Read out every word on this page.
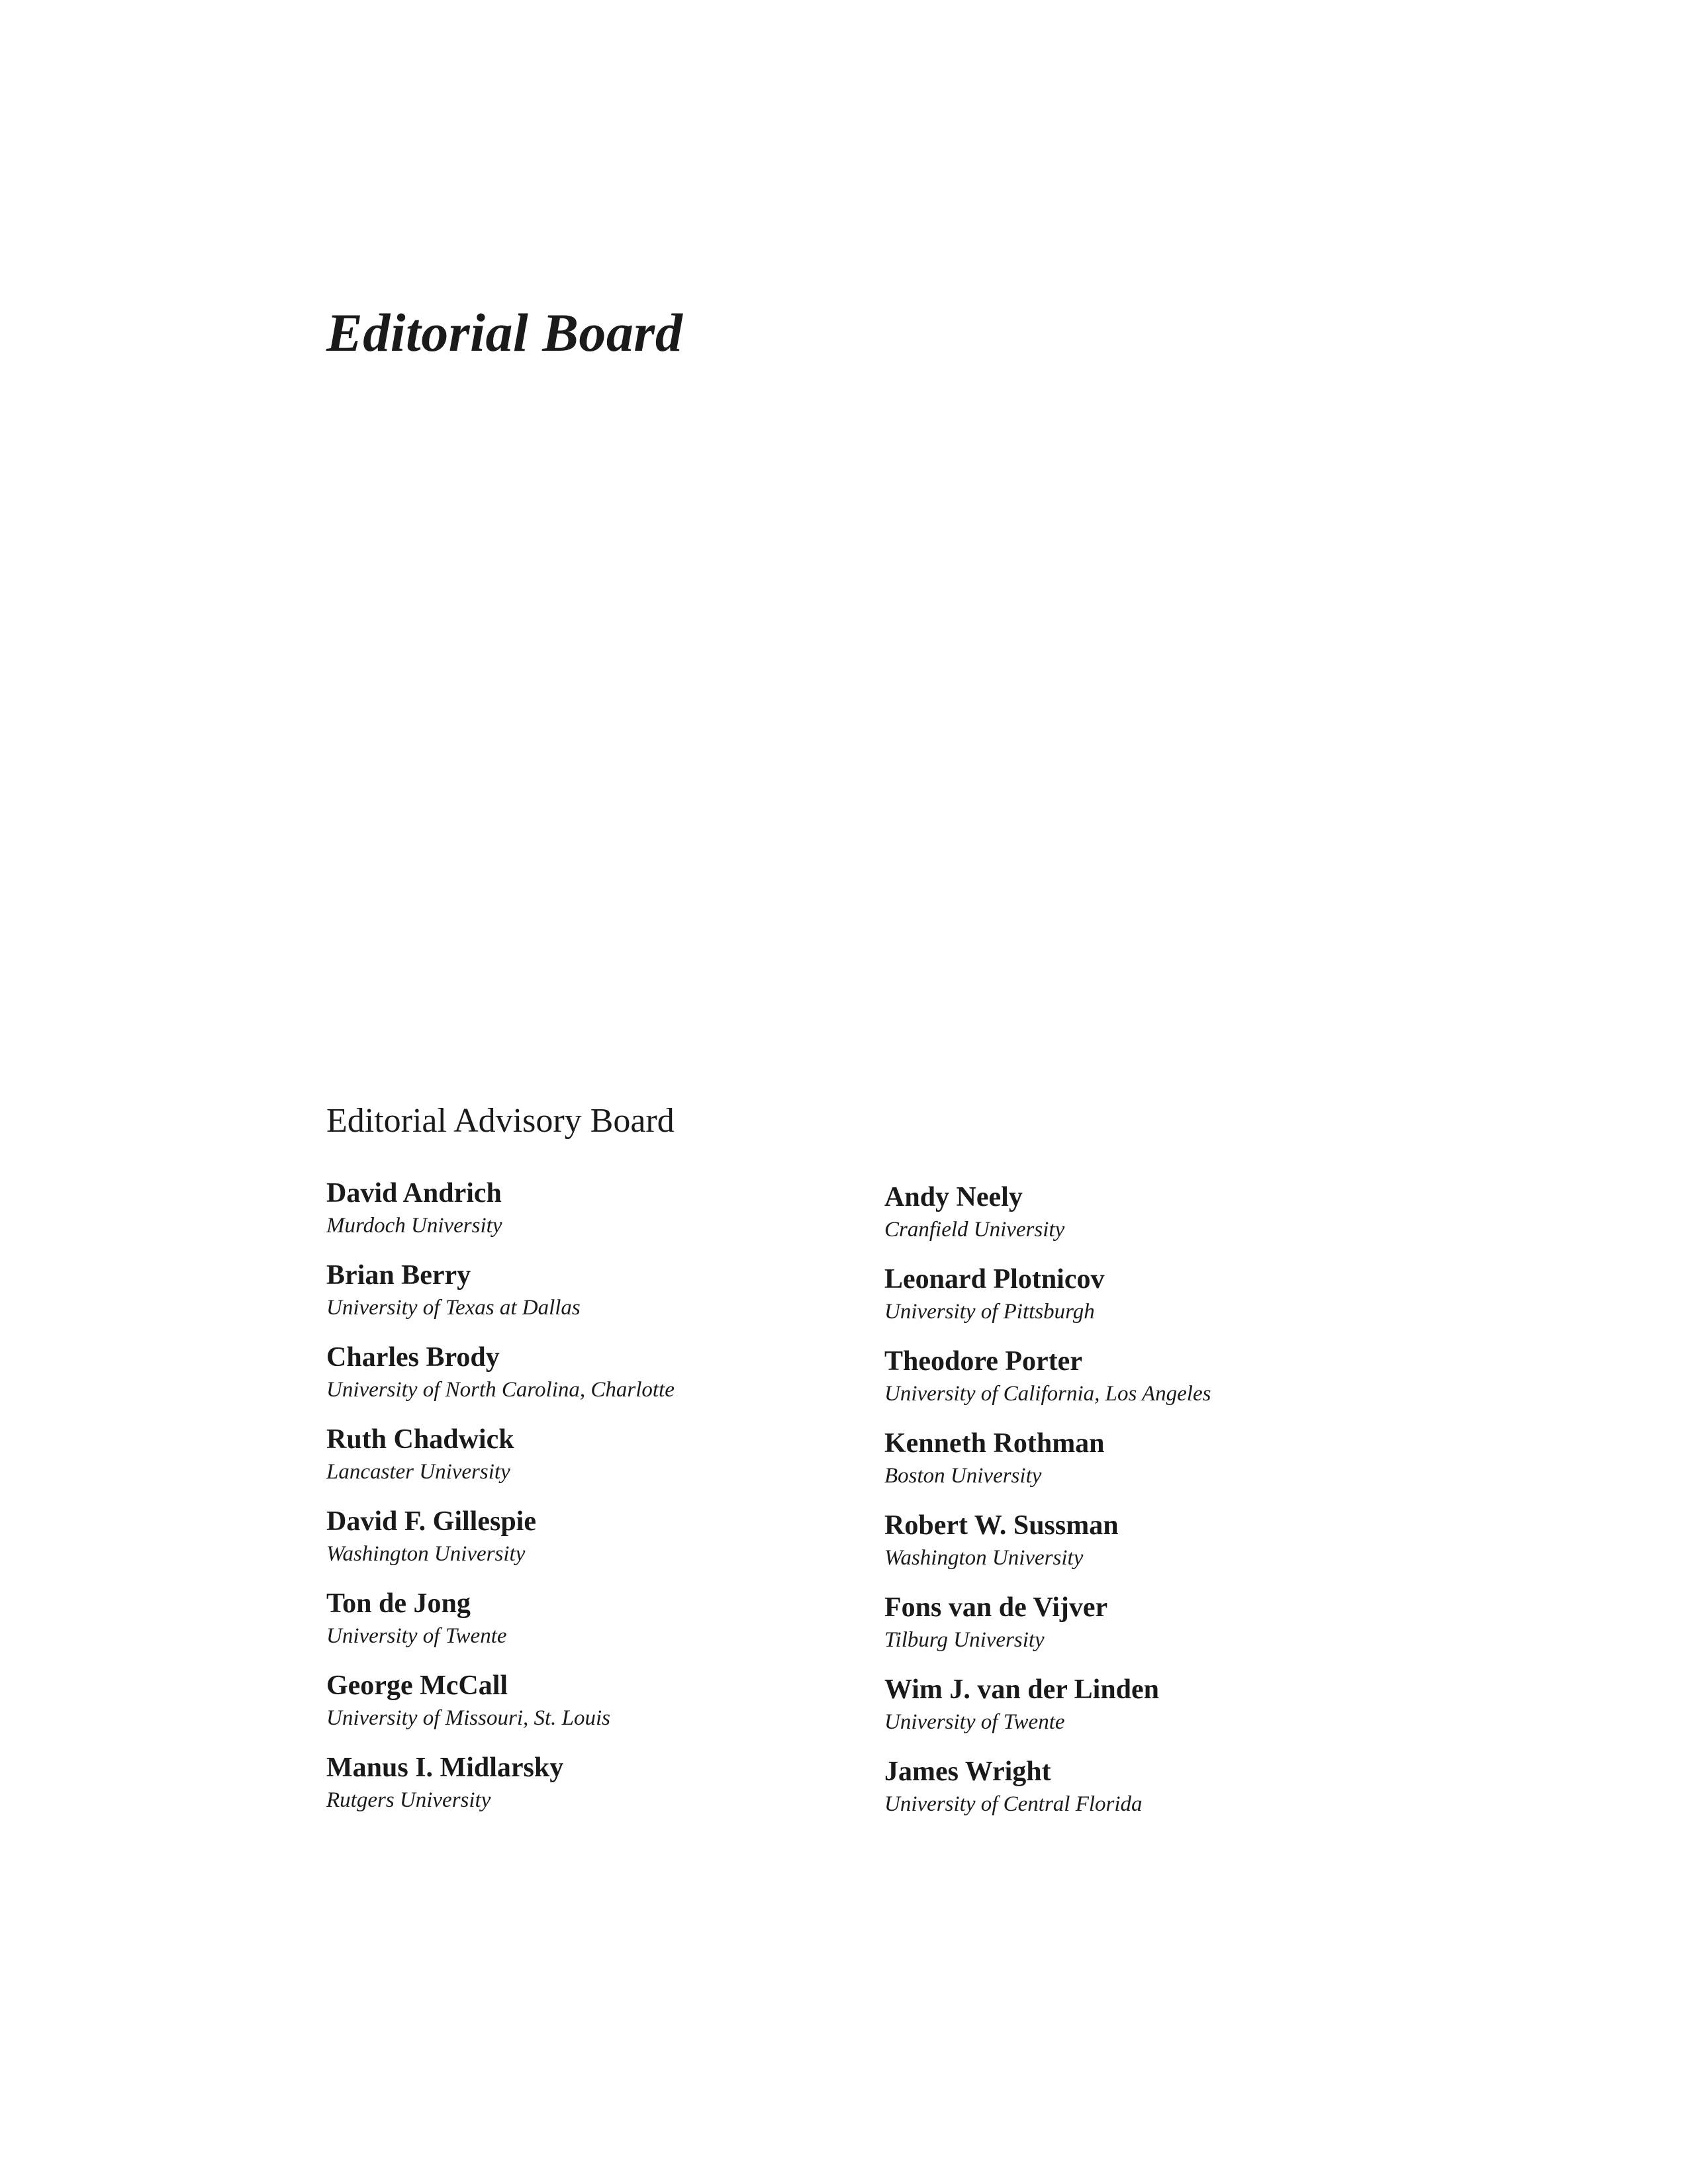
Editorial Board
Editorial Advisory Board
David Andrich
Murdoch University
Brian Berry
University of Texas at Dallas
Charles Brody
University of North Carolina, Charlotte
Ruth Chadwick
Lancaster University
David F. Gillespie
Washington University
Ton de Jong
University of Twente
George McCall
University of Missouri, St. Louis
Manus I. Midlarsky
Rutgers University
Andy Neely
Cranfield University
Leonard Plotnicov
University of Pittsburgh
Theodore Porter
University of California, Los Angeles
Kenneth Rothman
Boston University
Robert W. Sussman
Washington University
Fons van de Vijver
Tilburg University
Wim J. van der Linden
University of Twente
James Wright
University of Central Florida
